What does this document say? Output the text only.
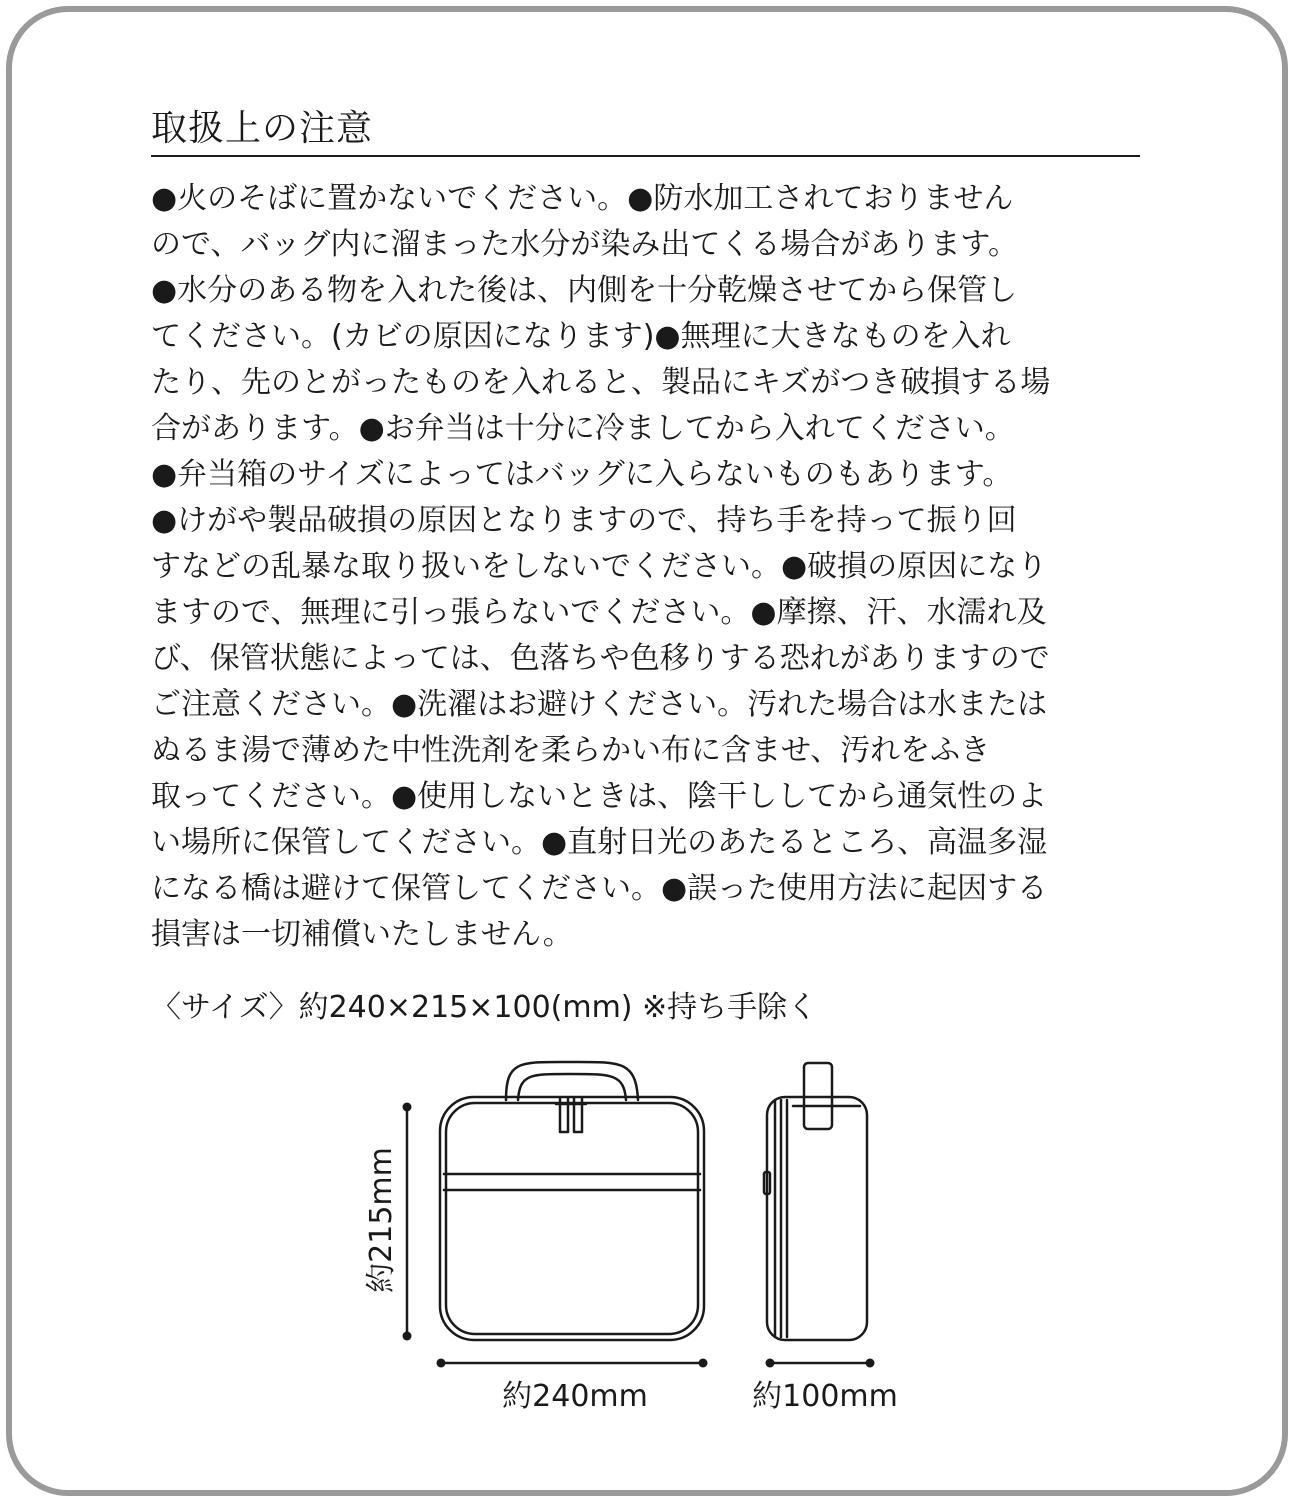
取扱上の注意
●火のそばに置かないでください。●防水加工されておりません
ので、バッグ内に溜まった水分が染み出てくる場合があります。
●水分のある物を入れた後は、内側を十分乾燥させてから保管し
てください。(カビの原因になります)●無理に大きなものを入れ
たり、先のとがったものを入れると、製品にキズがつき破損する場
合があります。●お弁当は十分に冷ましてから入れてください。
●弁当箱のサイズによってはバッグに入らないものもあります。
●けがや製品破損の原因となりますので、持ち手を持って振り回
すなどの乱暴な取り扱いをしないでください。●破損の原因になり
ますので、無理に引っ張らないでください。●摩擦、汗、水濡れ及
び、保管状態によっては、色落ちや色移りする恐れがありますので
ご注意ください。●洗濯はお避けください。汚れた場合は水または
ぬるま湯で薄めた中性洗剤を柔らかい布に含ませ、汚れをふき
取ってください。●使用しないときは、陰干ししてから通気性のよ
い場所に保管してください。●直射日光のあたるところ、高温多湿
になる橋は避けて保管してください。●誤った使用方法に起因する
損害は一切補償いたしません。
〈サイズ〉約240×215×100(mm) ※持ち手除く
約215mm
約240mm	約100mm
